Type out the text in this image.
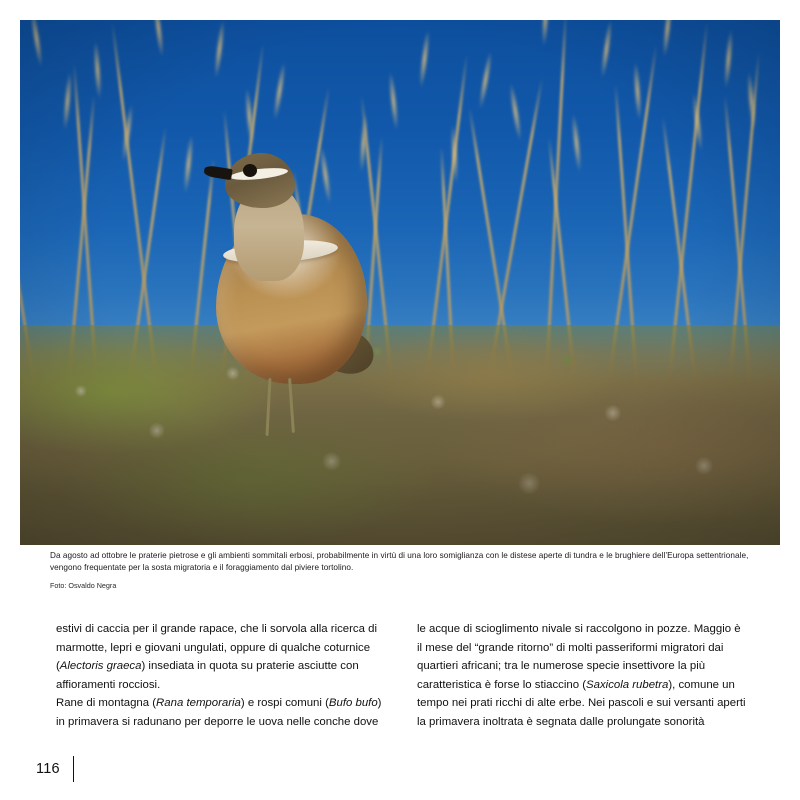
Da agosto ad ottobre le praterie pietrose e gli ambienti sommitali erbosi, probabilmente in virtù di una loro somiglianza con le distese aperte di tundra e le brughiere dell’Europa settentrionale, vengono frequentate per la sosta migratoria e il foraggiamento dal piviere tortolino.
Foto: Osvaldo Negra

estivi di caccia per il grande rapace, che li sorvola alla ricerca di marmotte, lepri e giovani ungulati, oppure di qualche coturnice (Alectoris graeca) insediata in quota su praterie asciutte con affioramenti rocciosi.

Rane di montagna (Rana temporaria) e rospi comuni (Bufo bufo) in primavera si radunano per deporre le uova nelle conche dove

le acque di scioglimento nivale si raccolgono in pozze. Maggio è il mese del “grande ritorno” di molti passeriformi migratori dai quartieri africani; tra le numerose specie insettivore la più caratteristica è forse lo stiaccino (Saxicola rubetra), comune un tempo nei prati ricchi di alte erbe. Nei pascoli e sui versanti aperti la primavera inoltrata è segnata dalle prolungate sonorità

116
